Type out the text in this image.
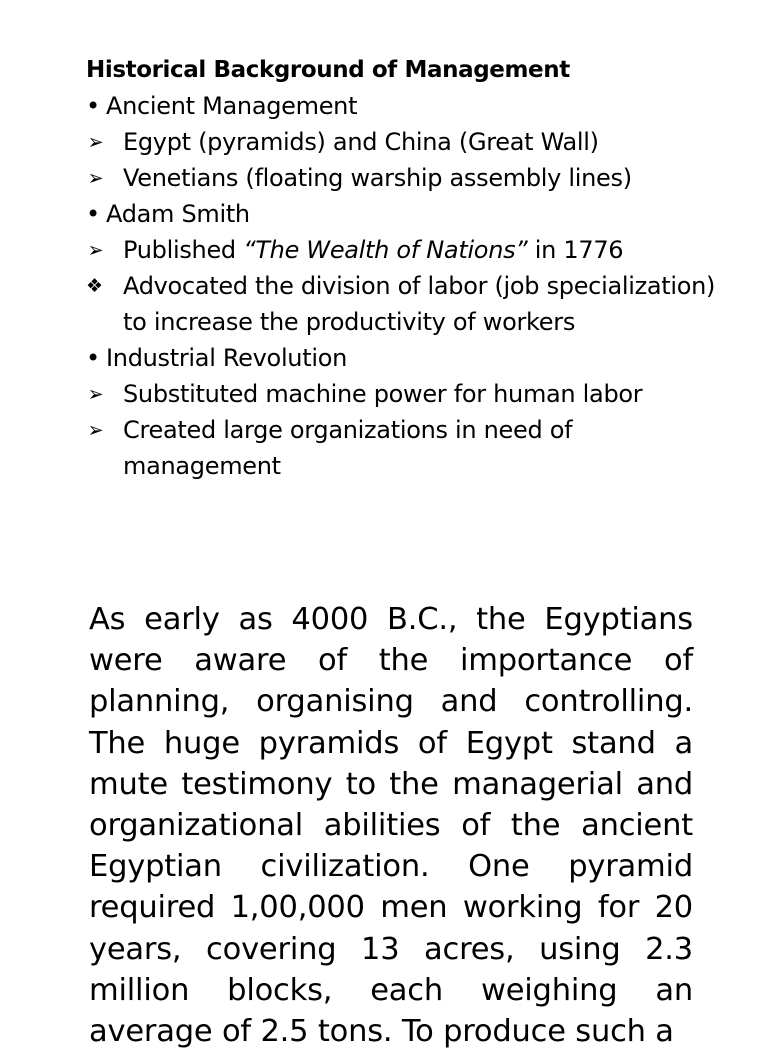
Historical Background of Management

• Ancient Management
➢ Egypt (pyramids) and China (Great Wall)
➢ Venetians (floating warship assembly lines)
• Adam Smith
➢ Published “The Wealth of Nations” in 1776
❖ Advocated the division of labor (job specialization) to increase the productivity of workers
• Industrial Revolution
➢ Substituted machine power for human labor
➢ Created large organizations in need of management

As early as 4000 B.C., the Egyptians were aware of the importance of planning, organising and controlling. The huge pyramids of Egypt stand a mute testimony to the managerial and organizational abilities of the ancient Egyptian civilization. One pyramid required 1,00,000 men working for 20 years, covering 13 acres, using 2.3 million blocks, each weighing an average of 2.5 tons. To produce such a
